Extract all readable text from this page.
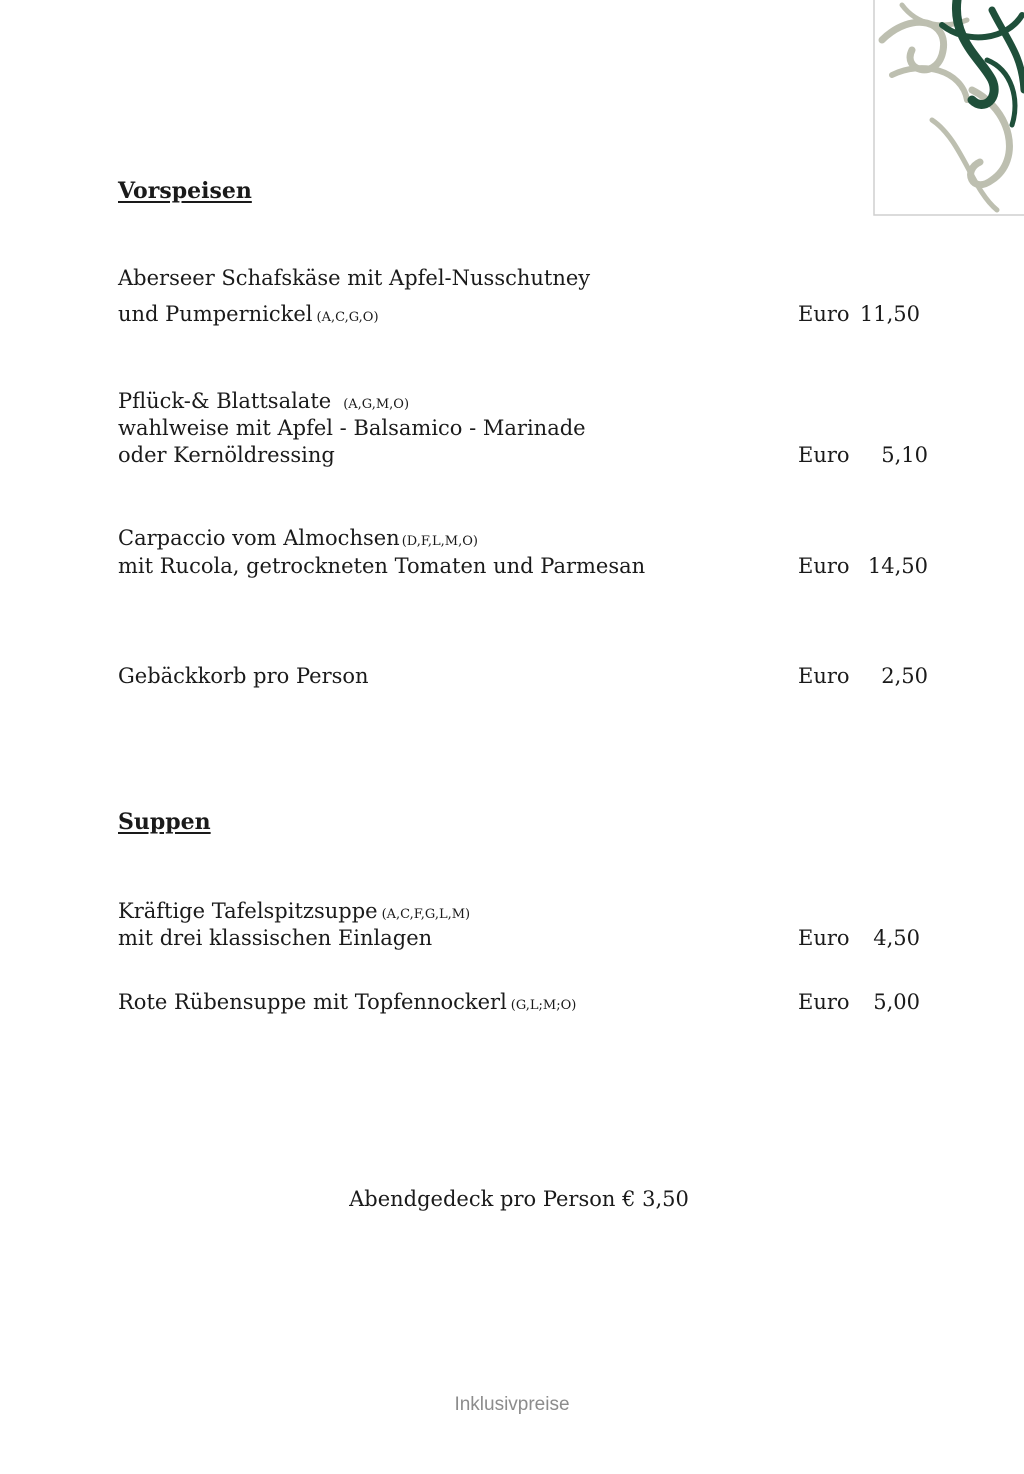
Vorspeisen
Aberseer Schafskäse mit Apfel-Nusschutney
und Pumpernickel (A,C,G,O)	Euro 11,50
Pflück-& Blattsalate (A,G,M,O)
wahlweise mit Apfel - Balsamico - Marinade
oder Kernöldressing	Euro 5,10
Carpaccio vom Almochsen (D,F,L,M,O)
mit Rucola, getrockneten Tomaten und Parmesan	Euro 14,50
Gebäckkorb pro Person	Euro 2,50
Suppen
Kräftige Tafelspitzsuppe (A,C,F,G,L,M)
mit drei klassischen Einlagen	Euro 4,50
Rote Rübensuppe mit Topfennockerl (G,L;M;O)	Euro 5,00
Abendgedeck pro Person € 3,50
Inklusivpreise
